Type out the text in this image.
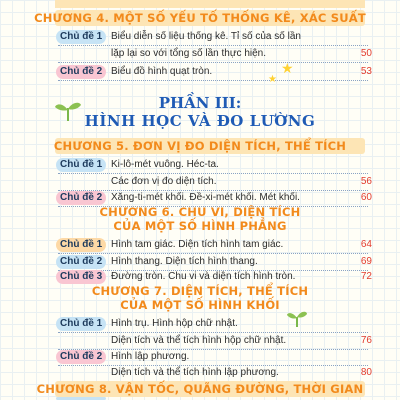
CHƯƠNG 4. MỘT SỐ YẾU TỐ THỐNG KÊ, XÁC SUẤT
Chủ đề 1 Biểu diễn số liệu thống kê. Tỉ số của số lần
lặp lại so với tổng số lần thực hiện.	50
Chủ đề 2 Biểu đồ hình quạt tròn.	53
★
★
PHẦN III:
HÌNH HỌC VÀ ĐO LƯỜNG
CHƯƠNG 5. ĐƠN VỊ ĐO DIỆN TÍCH, THỂ TÍCH
Chủ đề 1 Ki-lô-mét vuông. Héc-ta.
Các đơn vị đo diện tích.	56
Chủ đề 2 Xăng-ti-mét khối. Đề-xi-mét khối. Mét khối.	60
CHƯƠNG 6. CHU VI, DIỆN TÍCH
CỦA MỘT SỐ HÌNH PHẲNG
Chủ đề 1 Hình tam giác. Diện tích hình tam giác.	64
Chủ đề 2 Hình thang. Diện tích hình thang.	69
Chủ đề 3 Đường tròn. Chu vi và diện tích hình tròn.	72
CHƯƠNG 7. DIỆN TÍCH, THỂ TÍCH
CỦA MỘT SỐ HÌNH KHỐI
Chủ đề 1 Hình trụ. Hình hộp chữ nhật.
Diện tích và thể tích hình hộp chữ nhật.	76
Chủ đề 2 Hình lập phương.
Diện tích và thể tích hình lập phương.	80
CHƯƠNG 8. VẬN TỐC, QUÃNG ĐƯỜNG, THỜI GIAN
